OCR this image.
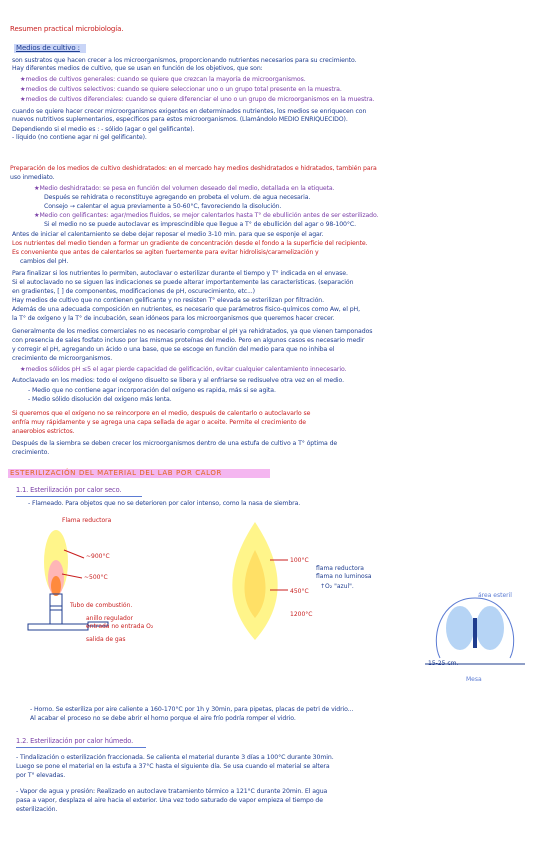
Resumen practical microbiología.
Medios de cultivo :
son sustratos que hacen crecer a los microorganismos, proporcionando nutrientes necesarios para su crecimiento.
Hay diferentes medios de cultivo, que se usan en función de los objetivos, que son:
★medios de cultivos generales: cuando se quiere que crezcan la mayoría de microorganismos.
★medios de cultivos selectivos: cuando se quiere seleccionar uno o un grupo total presente en la muestra.
★medios de cultivos diferenciales: cuando se quiere diferenciar el uno o un grupo de microorganismos en la muestra.
cuando se quiere hacer crecer microorganismos exigentes en determinados nutrientes, los medios se enriquecen con
nuevos nutritivos suplementarios, específicos para estos microorganismos. (Llamándolo MEDIO ENRIQUECIDO).
Dependiendo si el medio es : - sólido (agar o gel gelificante).
- líquido (no contiene agar ni gel gelificante).
Preparación de los medios de cultivo deshidratados: en el mercado hay medios deshidratados e hidratados, también para
uso inmediato.
★Medio deshidratado: se pesa en función del volumen deseado del medio, detallada en la etiqueta.
Después se rehidrata o reconstituye agregando en probeta el volum. de agua necesaria.
Consejo → calentar el agua previamente a 50-60°C, favoreciendo la disolución.
★Medio con gelificantes: agar/medios fluidos, se mejor calentarlos hasta T° de ebullición antes de ser esterilizado.
Si el medio no se puede autoclavar es imprescindible que llegue a T° de ebullición del agar o 98-100°C.
Antes de iniciar el calentamiento se debe dejar reposar el medio 3-10 min. para que se esponje el agar.
Los nutrientes del medio tienden a formar un gradiente de concentración desde el fondo a la superficie del recipiente.
Es conveniente que antes de calentarlos se agiten fuertemente para evitar hidrolisis/caramelización y
cambios del pH.
Para finalizar si los nutrientes lo permiten, autoclavar o esterilizar durante el tiempo y T° indicada en el envase.
Si el autoclavado no se siguen las indicaciones se puede alterar importantemente las características. (separación
en gradientes, [ ] de componentes, modificaciones de pH, oscurecimiento, etc...)
Hay medios de cultivo que no contienen gelificante y no resisten T° elevada se esterilizan por filtración.
Además de una adecuada composición en nutrientes, es necesario que parámetros fisico-químicos como Aw, el pH,
la T° de oxígeno y la T° de incubación, sean idóneos para los microorganismos que queremos hacer crecer.
Generalmente de los medios comerciales no es necesario comprobar el pH ya rehidratados, ya que vienen tamponados
con presencia de sales fosfato incluso por las mismas proteínas del medio. Pero en algunos casos es necesario medir
y corregir el pH, agregando un ácido o una base, que se escoge en función del medio para que no inhiba el
crecimiento de microorganismos.
★medios sólidos pH ≤5 el agar pierde capacidad de gelificación, evitar cualquier calentamiento innecesario.
Autoclavado en los medios: todo el oxígeno disuelto se libera y al enfriarse se redisuelve otra vez en el medio.
- Medio que no contiene agar incorporación del oxígeno es rapida, más si se agita.
- Medio sólido disolución del oxígeno más lenta.
Si queremos que el oxígeno no se reincorpore en el medio, después de calentarlo o autoclavarlo se
enfría muy rápidamente y se agrega una capa sellada de agar o aceite. Permite el crecimiento de
anaerobios estrictos.
Después de la siembra se deben crecer los microorganismos dentro de una estufa de cultivo a T° óptima de
crecimiento.
ESTERILIZACIÓN DEL MATERIAL DEL LAB POR CALOR
1.1. Esterilización por calor seco.
- Flameado. Para objetos que no se deterioren por calor intenso, como la nasa de siembra.
Flama reductora
~900°C
~500°C
Tubo de combustión.
anillo regulador
entrada no entrada O₂
salida de gas
100°C
450°C
1200°C
flama reductora
flama no luminosa
↑O₂ "azul".
área esteril
15-25 cm.
Mesa
- Horno. Se esteriliza por aire caliente a 160-170°C por 1h y 30min, para pipetas, placas de petri de vidrio...
Al acabar el proceso no se debe abrir el horno porque el aire frío podría romper el vidrio.
1.2. Esterilización por calor húmedo.
- Tindalización o esterilización fraccionada. Se calienta el material durante 3 días a 100°C durante 30min.
Luego se pone el material en la estufa a 37°C hasta el siguiente día. Se usa cuando el material se altera
por T° elevadas.
- Vapor de agua y presión: Realizado en autoclave tratamiento térmico a 121°C durante 20min. El agua
pasa a vapor, desplaza el aire hacia el exterior. Una vez todo saturado de vapor empieza el tiempo de
esterilización.
